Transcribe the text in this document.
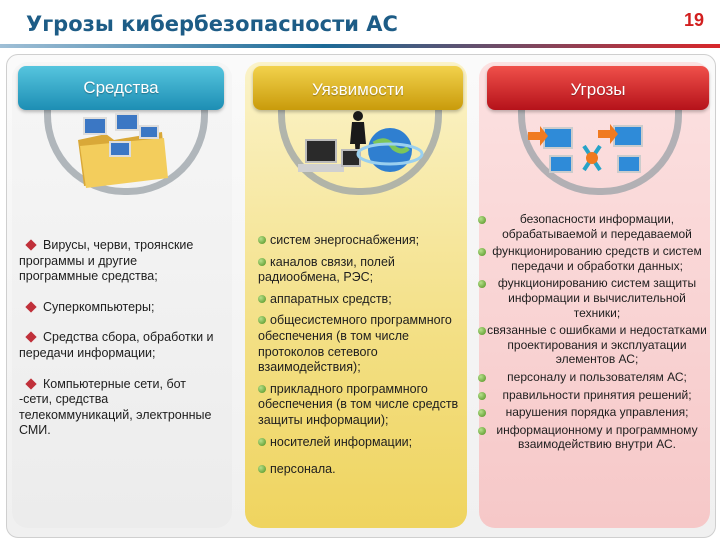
Угрозы кибербезопасности АС	19
Средства	Уязвимости	Угрозы
Вирусы, черви, троянские программы и другие программные средства;
Суперкомпьютеры;
Средства сбора, обработки и передачи информации;
Компьютерные сети, бот -сети, средства телекоммуникаций, электронные СМИ.
систем энергоснабжения;
каналов связи, полей радиообмена, РЭС;
аппаратных средств;
общесистемного программного обеспечения (в том числе протоколов сетевого взаимодействия);
прикладного программного обеспечения (в том числе средств защиты информации);
носителей информации;
персонала.
безопасности информации, обрабатываемой и передаваемой
функционированию средств и систем передачи и обработки данных;
функционированию систем защиты информации и вычислительной техники;
связанные с ошибками и недостатками проектирования и эксплуатации элементов АС;
персоналу и пользователям АС;
правильности принятия решений;
нарушения порядка управления;
информационному и программному взаимодействию внутри АС.
